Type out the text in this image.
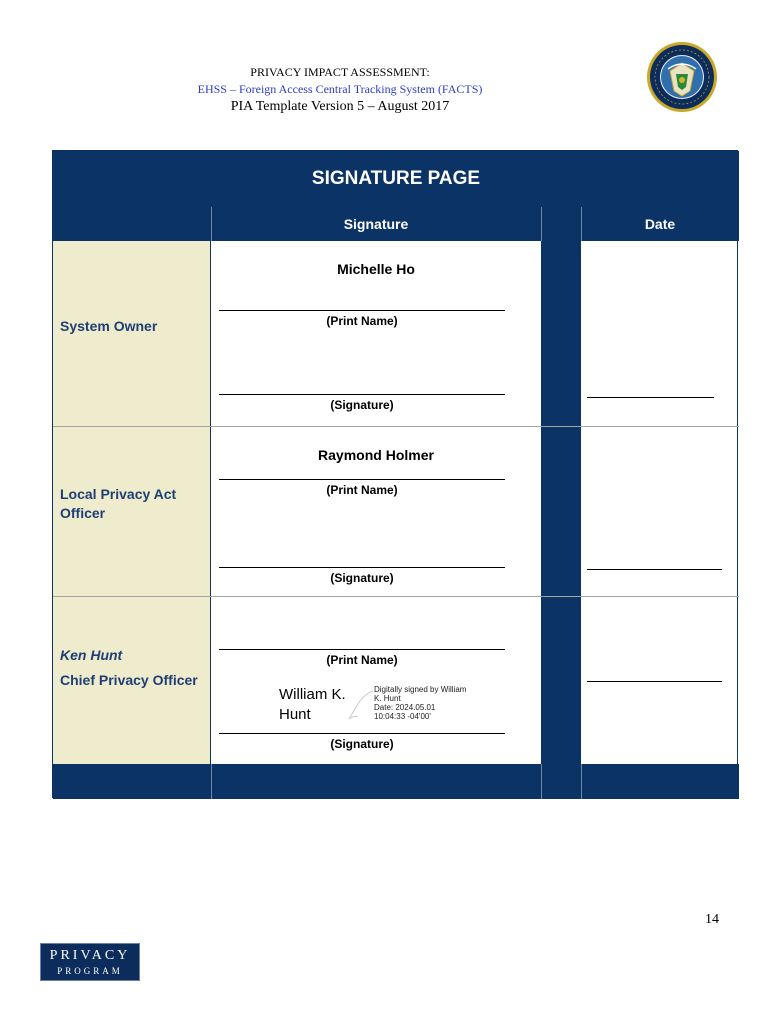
PRIVACY IMPACT ASSESSMENT:
EHSS – Foreign Access Central Tracking System (FACTS)
PIA Template Version 5 – August 2017
SIGNATURE PAGE
Signature	Date
System Owner
Michelle Ho
(Print Name)
(Signature)
Local Privacy Act Officer
Raymond Holmer
(Print Name)
(Signature)
Ken Hunt
Chief Privacy Officer
(Print Name)
William K.
Hunt
Digitally signed by William
K. Hunt
Date: 2024.05.01
10:04:33 -04'00'
(Signature)
14
PRIVACY
PROGRAM
